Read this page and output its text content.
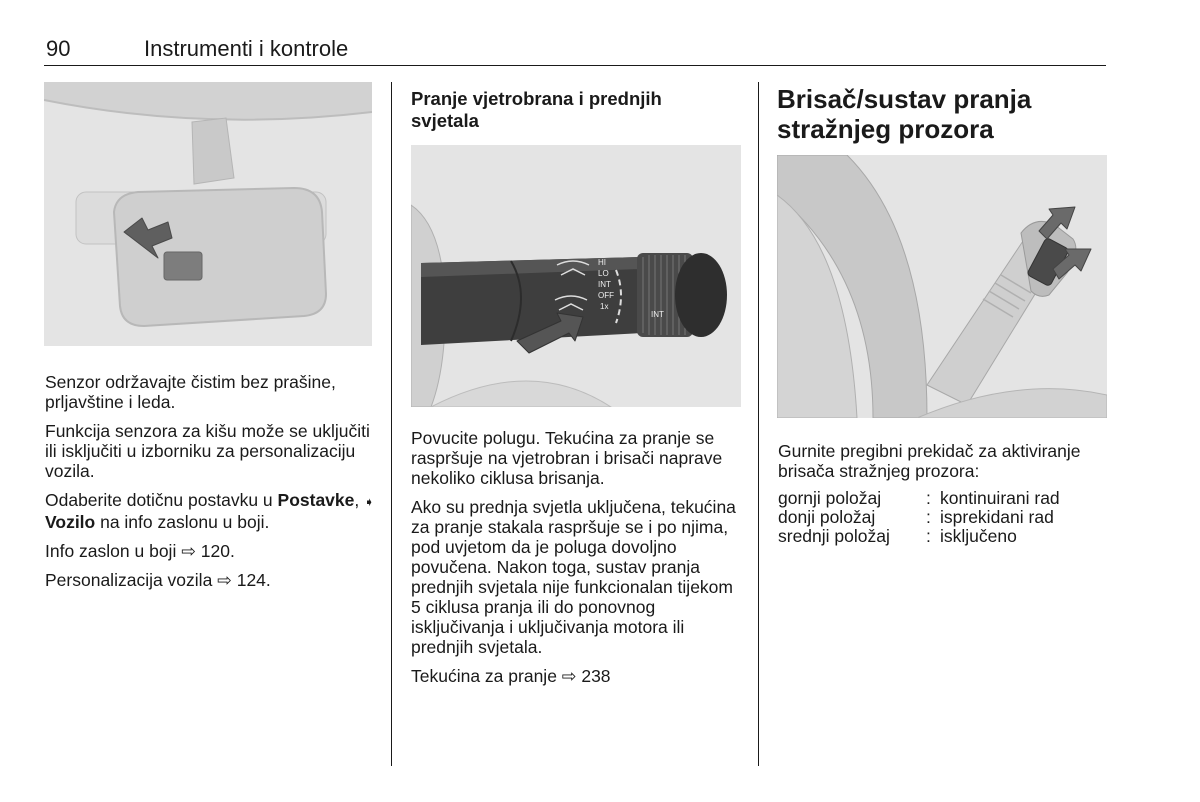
90	Instrumenti i kontrole

Senzor održavajte čistim bez prašine, prljavštine i leda.

Funkcija senzora za kišu može se uključiti ili isključiti u izborniku za personalizaciju vozila.

Odaberite dotičnu postavku u Postavke, ➧ Vozilo na info zaslonu u boji.

Info zaslon u boji ⇨ 120.

Personalizacija vozila ⇨ 124.

Pranje vjetrobrana i prednjih
svjetala
HI
LO
INT
OFF
1x
INT

Povucite polugu. Tekućina za pranje se raspršuje na vjetrobran i brisači naprave nekoliko ciklusa brisanja.

Ako su prednja svjetla uključena, tekućina za pranje stakala raspršuje se i po njima, pod uvjetom da je poluga dovoljno povučena. Nakon toga, sustav pranja prednjih svjetala nije funkcionalan tijekom

5 ciklusa pranja ili do ponovnog isključivanja i uključivanja motora ili prednjih svjetala.

Tekućina za pranje ⇨ 238

Brisač/sustav pranja
stražnjeg prozora

Gurnite pregibni prekidač za aktiviranje brisača stražnjeg prozora:

gornji položaj	:	kontinuirani rad
donji položaj	:	isprekidani rad
srednji položaj	:	isključeno
